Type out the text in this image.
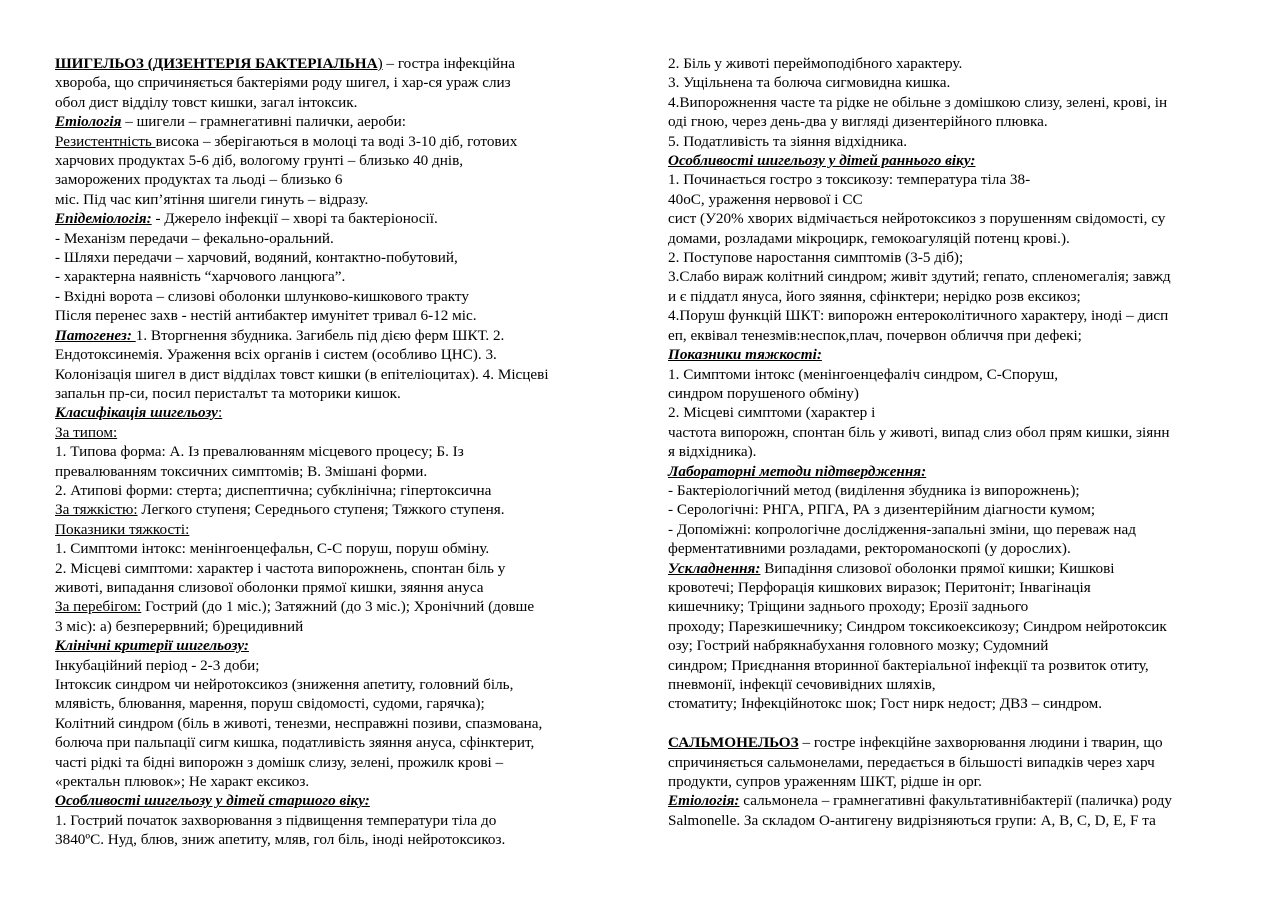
ШИГЕЛЬОЗ (ДИЗЕНТЕРІЯ БАКТЕРІАЛЬНА) – гостра інфекційна
хвороба, що спричиняється бактеріями роду шигел, і хар-ся ураж слиз
обол дист відділу товст кишки, загал інтоксик.
Етіологія – шигели – грамнегативні палички, аероби:
Резистентність висока – зберігаються в молоці та воді 3-10 діб, готових
харчових продуктах 5-6 діб, вологому грунті – близько 40 днів,
заморожених продуктах та льоді – близько 6
міс. Під час кип’ятіння шигели гинуть – відразу.
Епідеміологія: - Джерело інфекції – хворі та бактеріоносії.
- Механізм передачи – фекально-оральний.
- Шляхи передачи – харчовий, водяний, контактно-побутовий,
- характерна наявність “харчового ланцюга”.
- Вхідні ворота – слизові оболонки шлунково-кишкового тракту
Після перенес захв - нестій антибактер имунітет тривал 6-12 міс.
Патогенез: 1. Вторгнення збудника. Загибель під дією ферм ШКТ. 2.
Ендотоксинемія. Ураження всіх органів і систем (особливо ЦНС). 3.
Колонізація шигел в дист відділах товст кишки (в епітеліоцитах). 4. Місцеві
запальн пр-си, посил перисталът та моторики кишок.
Класифікація шигельозу:
За типом:
1. Типова форма: А. Із превалюванням місцевого процесу; Б. Із
превалюванням токсичних симптомів; В. Змішані форми.
2. Атипові форми: стерта; диспептична; субклінічна; гіпертоксична
За тяжкістю: Легкого ступеня; Середнього ступеня; Тяжкого ступеня.
Показники тяжкості:
1. Симптоми інтокс: менінгоенцефальн, С-С поруш, поруш обміну.
2. Місцеві симптоми: характер і частота випорожнень, спонтан біль у
животі, випадання слизової оболонки прямої кишки, зяяння ануса
За перебігом: Гострий (до 1 міс.); Затяжний (до 3 міс.); Хронічний (довше
3 міс): а) безперервний; б)рецидивний
Клінічні критерії шигельозу:
Інкубаційний період - 2-3 доби;
Інтоксик синдром чи нейротоксикоз (зниження апетиту, головний біль,
млявість, блювання, марення, поруш свідомості, судоми, гарячка);
Колітний синдром (біль в животі, тенезми, несправжні позиви, спазмована,
болюча при пальпації сигм кишка, податливість зяяння ануса, сфінктерит,
часті рідкі та бідні випорожн з домішк слизу, зелені, прожилк крові –
«ректальн плювок»; Не характ ексикоз.
Особливості шигельозу у дітей старшого віку:
1. Гострий початок захворювання з підвищення температури тіла до
3840ºС. Нуд, блюв, зниж апетиту, мляв, гол біль, іноді нейротоксикоз.
2. Біль у животі переймоподібного характеру.
3. Ущільнена та болюча сигмовидна кишка.
4.Випорожнення часте та рідке не обільне з домішкою слизу, зелені, крові, ін
оді гною, через день-два у вигляді дизентерійного плювка.
5. Податливість та зіяння відхідника.
Особливості шигельозу у дітей раннього віку:
1. Починається гостро з токсикозу: температура тіла 38-
40оС, ураження нервової і СС
сист (У20% хворих відмічається нейротоксикоз з порушенням свідомості, су
домами, розладами мікроцирк, гемокоагуляцій потенц крові.).
2. Поступове наростання симптомів (3-5 діб);
3.Слабо вираж колітний синдром; живіт здутий; гепато, спленомегалія; завжд
и є піддатл януса, його зяяння, сфінктери; нерідко розв ексикоз;
4.Поруш функцій ШКТ: випорожн ентероколітичного характеру, іноді – дисп
еп, еквівал тенезмів:неспок,плач, почервон обличчя при дефекі;
Показники тяжкості:
1. Симптоми інтокс (менінгоенцефаліч синдром, С-Споруш,
синдром порушеного обміну)
2. Місцеві симптоми (характер і
частота випорожн, спонтан біль у животі, випад слиз обол прям кишки, зіянн
я відхідника).
Лабораторні методи підтвердження:
- Бактеріологічний метод (виділення збудника із випорожнень);
- Серологічні: РНГА, РПГА, РА з дизентерійним діагности кумом;
- Допоміжні: копрологічне дослідження-запальні зміни, що переваж над
ферментативними розладами, ректороманоскопі (у дорослих).
Ускладнення: Випадіння слизової оболонки прямої кишки; Кишкові
кровотечі; Перфорація кишкових виразок; Перитоніт; Інвагінація
кишечнику; Тріщини заднього проходу; Ерозії заднього
проходу; Парезкишечнику; Синдром токсикоексикозу; Синдром нейротоксик
озу; Гострий набрякнабухання головного мозку; Судомний
синдром; Приєднання вторинної бактеріальної інфекції та розвиток отиту,
пневмонії, інфекції сечовивідних шляхів,
стоматиту; Інфекційнотокс шок; Гост нирк недост; ДВЗ – синдром.
САЛЬМОНЕЛЬОЗ – гостре інфекційне захворювання людини і тварин, що
спричиняється сальмонелами, передається в більшості випадків через харч
продукти, супров ураженням ШКТ, рідше ін орг.
Етіологія: сальмонела – грамнегативні факультативнібактерії (паличка) роду
Salmonelle. За складом О-антигену видрізняються групи: A, B, C, D, E, F та
